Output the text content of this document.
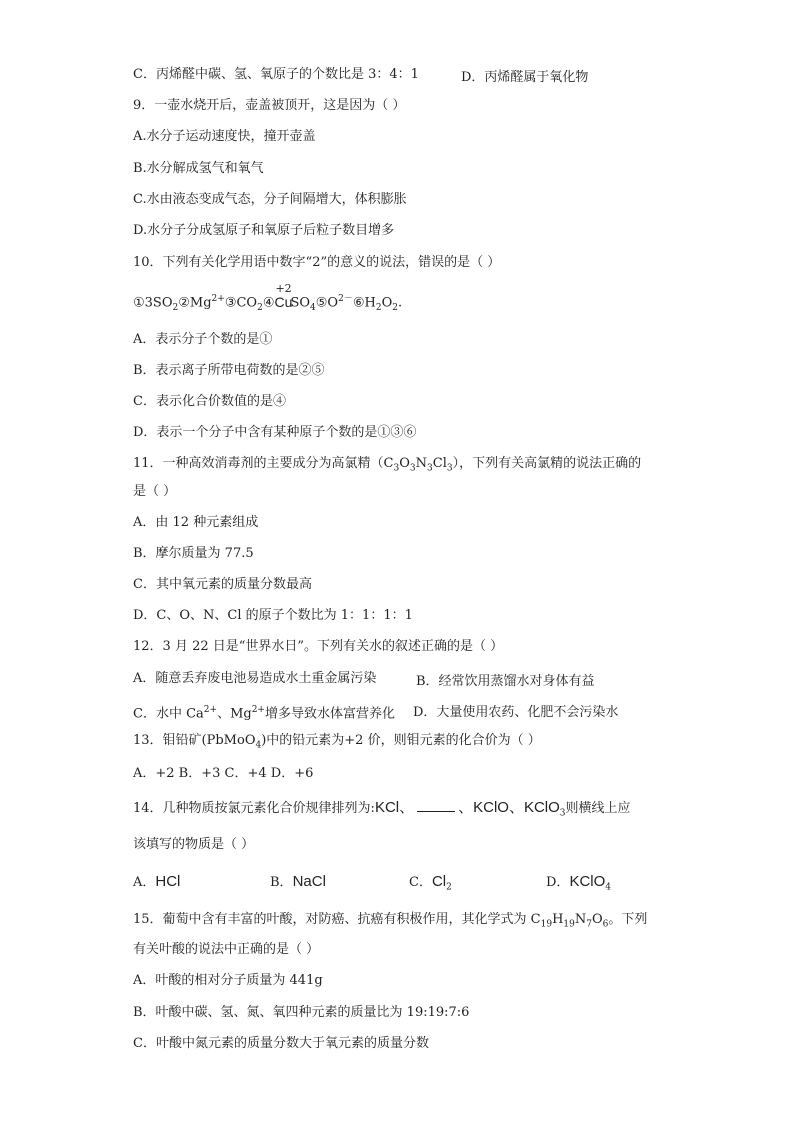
C．丙烯醛中碳、氢、氧原子的个数比是 3：4：1	D．丙烯醛属于氧化物
9．一壶水烧开后，壶盖被顶开，这是因为（ ）
A.水分子运动速度快，撞开壶盖
B.水分解成氢气和氧气
C.水由液态变成气态，分子间隔增大，体积膨胀
D.水分子分成氢原子和氧原子后粒子数目增多
10．下列有关化学用语中数字“2”的意义的说法，错误的是（ ）
$①3SO_2②Mg^{2+}③CO_2④$
+2
Cu
$SO_4⑤O^{2-}⑥H_2O_2$.
A．表示分子个数的是①
B．表示离子所带电荷数的是②⑤
C．表示化合价数值的是④
D．表示一个分子中含有某种原子个数的是①③⑥
11．一种高效消毒剂的主要成分为高氯精$(C_3O_3N_3Cl_3)$，下列有关高氯精的说法正确的
是（ ）
A．由 12 种元素组成
B．摩尔质量为 77.5
C．其中氧元素的质量分数最高
D．C、O、N、Cl 的原子个数比为 1：1：1：1
12．3 月 22 日是“世界水日”。下列有关水的叙述正确的是（ ）
A．随意丢弃废电池易造成水土重金属污染	B．经常饮用蒸馏水对身体有益
C．水中 $Ca^{2+}$、$Mg^{2+}$增多导致水体富营养化 D．大量使用农药、化肥不会污染水
13．钼铅矿(PbMoO$_4$)中的铅元素为+2 价，则钼元素的化合价为（ ）
A．+2 B．+3 C．+4 D．+6
14．几种物质按氯元素化合价规律排列为:KCl、	、KClO、KClO$_3$则横线上应
该填写的物质是（ ）
A．HCl	B．NaCl	C．$Cl_2$	D．KClO$_4$
15．葡萄中含有丰富的叶酸，对防癌、抗癌有积极作用，其化学式为 $C_{19}H_{19}N_7O_6$。下列
有关叶酸的说法中正确的是（ ）
A．叶酸的相对分子质量为 441g
B．叶酸中碳、氢、氮、氧四种元素的质量比为 19:19:7:6
C．叶酸中氮元素的质量分数大于氧元素的质量分数
